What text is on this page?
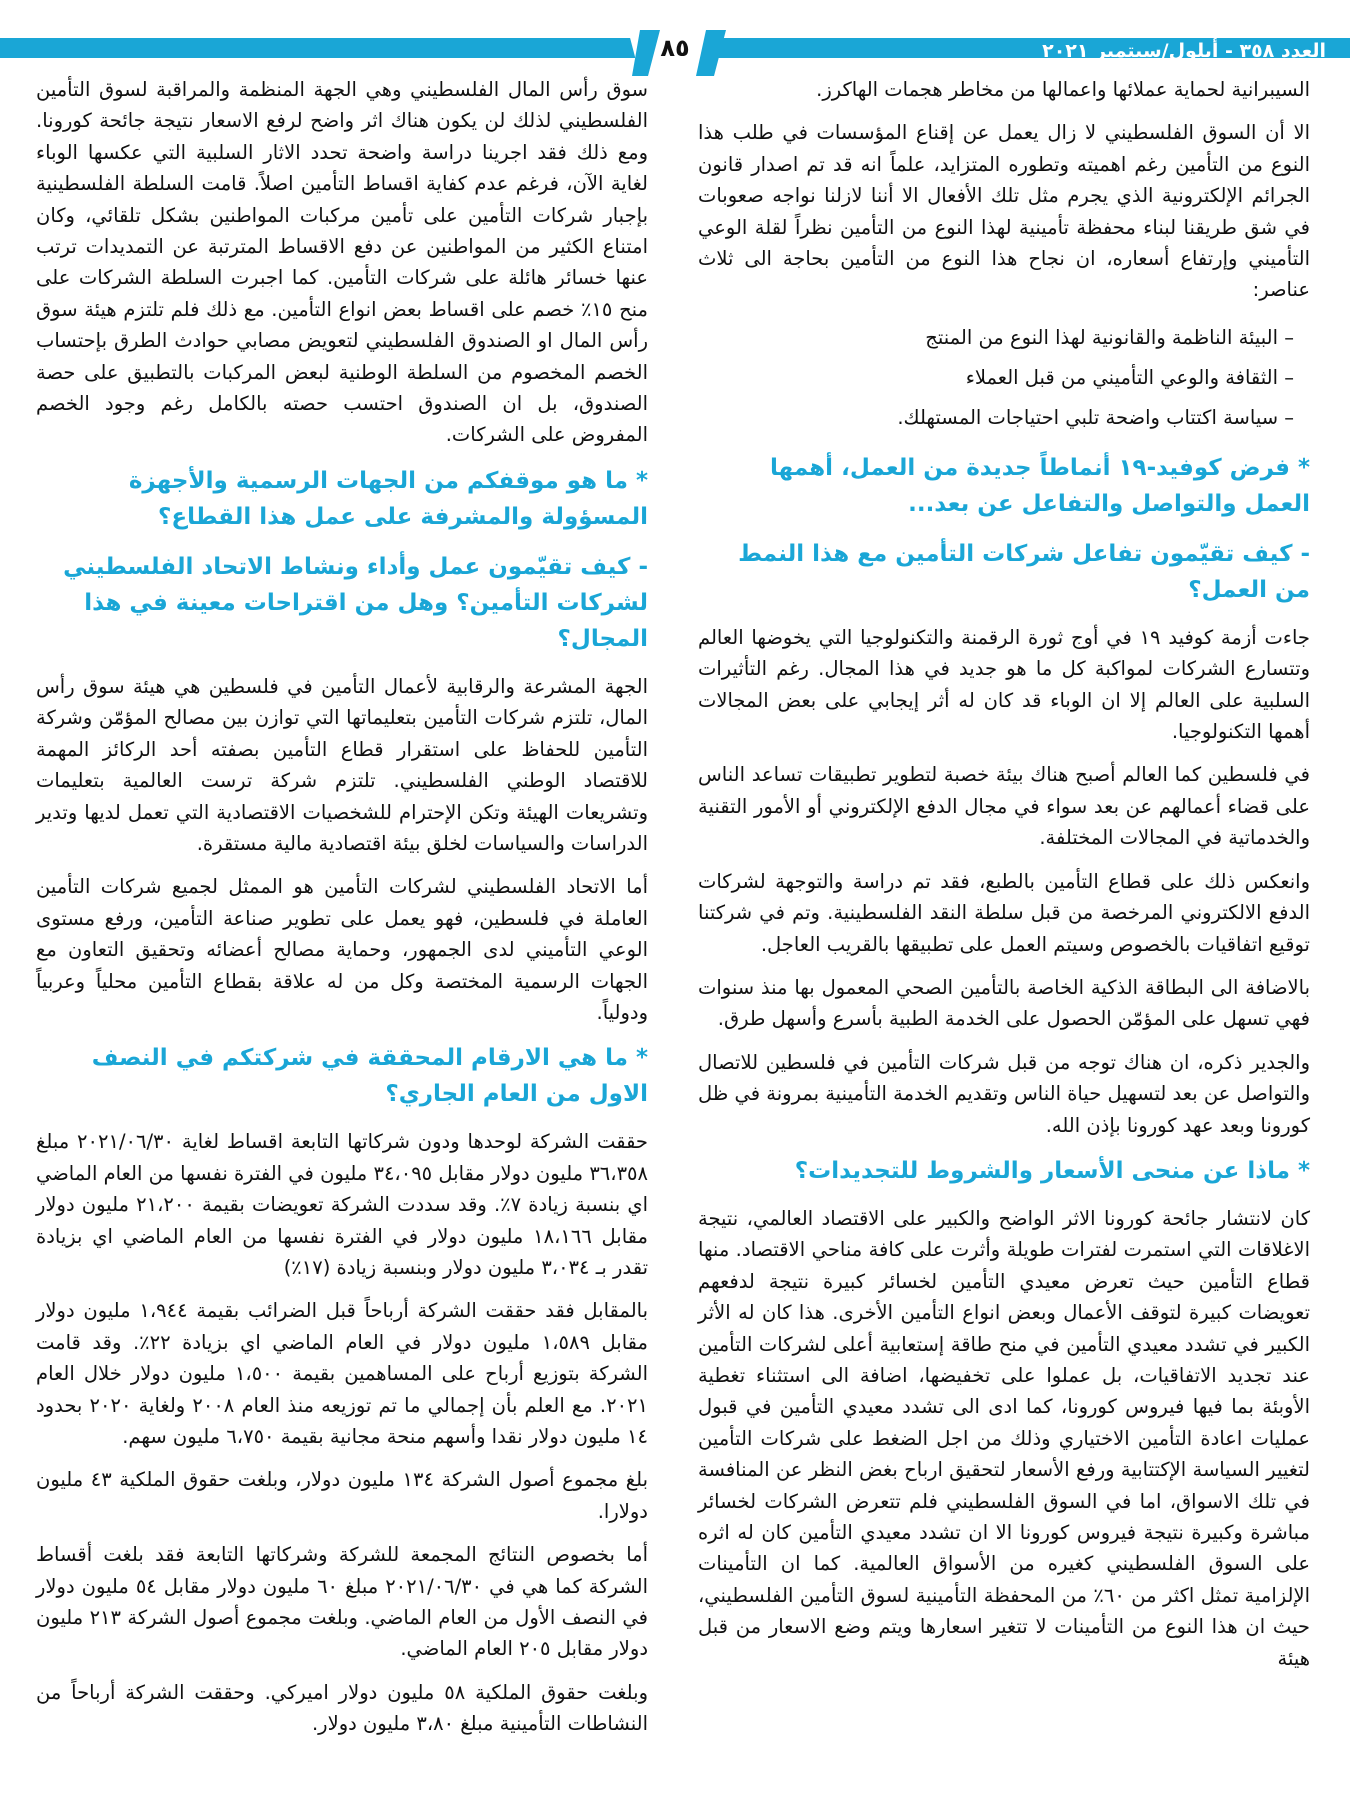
٨٥	العدد ٣٥٨ - أيلول/سبتمبر ٢٠٢١

السيبرانية لحماية عملائها واعمالها من مخاطر هجمات الهاكرز.

الا أن السوق الفلسطيني لا زال يعمل عن إقناع المؤسسات في طلب هذا النوع من التأمين رغم اهميته وتطوره المتزايد، علماً انه قد تم اصدار قانون الجرائم الإلكترونية الذي يجرم مثل تلك الأفعال الا أننا لازلنا نواجه صعوبات في شق طريقنا لبناء محفظة تأمينية لهذا النوع من التأمين نظراً لقلة الوعي التأميني وإرتفاع أسعاره، ان نجاح هذا النوع من التأمين بحاجة الى ثلاث عناصر:

– البيئة الناظمة والقانونية لهذا النوع من المنتج
– الثقافة والوعي التأميني من قبل العملاء
– سياسة اكتتاب واضحة تلبي احتياجات المستهلك.
* فرض كوفيد-١٩ أنماطاً جديدة من العمل، أهمها العمل والتواصل والتفاعل عن بعد...
- كيف تقيّمون تفاعل شركات التأمين مع هذا النمط من العمل؟

جاءت أزمة كوفيد ١٩ في أوج ثورة الرقمنة والتكنولوجيا التي يخوضها العالم وتتسارع الشركات لمواكبة كل ما هو جديد في هذا المجال. رغم التأثيرات السلبية على العالم إلا ان الوباء قد كان له أثر إيجابي على بعض المجالات أهمها التكنولوجيا.

في فلسطين كما العالم أصبح هناك بيئة خصبة لتطوير تطبيقات تساعد الناس على قضاء أعمالهم عن بعد سواء في مجال الدفع الإلكتروني أو الأمور التقنية والخدماتية في المجالات المختلفة.

وانعكس ذلك على قطاع التأمين بالطبع، فقد تم دراسة والتوجهة لشركات الدفع الالكتروني المرخصة من قبل سلطة النقد الفلسطينية. وتم في شركتنا توقيع اتفاقيات بالخصوص وسيتم العمل على تطبيقها بالقريب العاجل.

بالاضافة الى البطاقة الذكية الخاصة بالتأمين الصحي المعمول بها منذ سنوات فهي تسهل على المؤمّن الحصول على الخدمة الطبية بأسرع وأسهل طرق.

والجدير ذكره، ان هناك توجه من قبل شركات التأمين في فلسطين للاتصال والتواصل عن بعد لتسهيل حياة الناس وتقديم الخدمة التأمينية بمرونة في ظل كورونا وبعد عهد كورونا بإذن الله.

* ماذا عن منحى الأسعار والشروط للتجديدات؟

كان لانتشار جائحة كورونا الاثر الواضح والكبير على الاقتصاد العالمي، نتيجة الاغلاقات التي استمرت لفترات طويلة وأثرت على كافة مناحي الاقتصاد. منها قطاع التأمين حيث تعرض معيدي التأمين لخسائر كبيرة نتيجة لدفعهم تعويضات كبيرة لتوقف الأعمال وبعض انواع التأمين الأخرى. هذا كان له الأثر الكبير في تشدد معيدي التأمين في منح طاقة إستعابية أعلى لشركات التأمين عند تجديد الاتفاقيات، بل عملوا على تخفيضها، اضافة الى استثناء تغطية الأوبئة بما فيها فيروس كورونا، كما ادى الى تشدد معيدي التأمين في قبول عمليات اعادة التأمين الاختياري وذلك من اجل الضغط على شركات التأمين لتغيير السياسة الإكتتابية ورفع الأسعار لتحقيق ارباح بغض النظر عن المنافسة في تلك الاسواق، اما في السوق الفلسطيني فلم تتعرض الشركات لخسائر مباشرة وكبيرة نتيجة فيروس كورونا الا ان تشدد معيدي التأمين كان له اثره على السوق الفلسطيني كغيره من الأسواق العالمية. كما ان التأمينات الإلزامية تمثل اكثر من ٦٠٪ من المحفظة التأمينية لسوق التأمين الفلسطيني، حيث ان هذا النوع من التأمينات لا تتغير اسعارها ويتم وضع الاسعار من قبل هيئة

سوق رأس المال الفلسطيني وهي الجهة المنظمة والمراقبة لسوق التأمين الفلسطيني لذلك لن يكون هناك اثر واضح لرفع الاسعار نتيجة جائحة كورونا. ومع ذلك فقد اجرينا دراسة واضحة تحدد الاثار السلبية التي عكسها الوباء لغاية الآن، فرغم عدم كفاية اقساط التأمين اصلاً. قامت السلطة الفلسطينية بإجبار شركات التأمين على تأمين مركبات المواطنين بشكل تلقائي، وكان امتناع الكثير من المواطنين عن دفع الاقساط المترتبة عن التمديدات ترتب عنها خسائر هائلة على شركات التأمين. كما اجبرت السلطة الشركات على منح ١٥٪ خصم على اقساط بعض انواع التأمين. مع ذلك فلم تلتزم هيئة سوق رأس المال او الصندوق الفلسطيني لتعويض مصابي حوادث الطرق بإحتساب الخصم المخصوم من السلطة الوطنية لبعض المركبات بالتطبيق على حصة الصندوق، بل ان الصندوق احتسب حصته بالكامل رغم وجود الخصم المفروض على الشركات.

* ما هو موقفكم من الجهات الرسمية والأجهزة المسؤولة والمشرفة على عمل هذا القطاع؟
- كيف تقيّمون عمل وأداء ونشاط الاتحاد الفلسطيني لشركات التأمين؟ وهل من اقتراحات معينة في هذا المجال؟

الجهة المشرعة والرقابية لأعمال التأمين في فلسطين هي هيئة سوق رأس المال، تلتزم شركات التأمين بتعليماتها التي توازن بين مصالح المؤمّن وشركة التأمين للحفاظ على استقرار قطاع التأمين بصفته أحد الركائز المهمة للاقتصاد الوطني الفلسطيني. تلتزم شركة ترست العالمية بتعليمات وتشريعات الهيئة وتكن الإحترام للشخصيات الاقتصادية التي تعمل لديها وتدير الدراسات والسياسات لخلق بيئة اقتصادية مالية مستقرة.

أما الاتحاد الفلسطيني لشركات التأمين هو الممثل لجميع شركات التأمين العاملة في فلسطين، فهو يعمل على تطوير صناعة التأمين، ورفع مستوى الوعي التأميني لدى الجمهور، وحماية مصالح أعضائه وتحقيق التعاون مع الجهات الرسمية المختصة وكل من له علاقة بقطاع التأمين محلياً وعربياً ودولياً.

* ما هي الارقام المحققة في شركتكم في النصف الاول من العام الجاري؟

حققت الشركة لوحدها ودون شركاتها التابعة اقساط لغاية ٢٠٢١/٠٦/٣٠ مبلغ ٣٦،٣٥٨ مليون دولار مقابل ٣٤،٠٩٥ مليون في الفترة نفسها من العام الماضي اي بنسبة زيادة ٧٪. وقد سددت الشركة تعويضات بقيمة ٢١،٢٠٠ مليون دولار مقابل ١٨،١٦٦ مليون دولار في الفترة نفسها من العام الماضي اي بزيادة تقدر بـ ٣،٠٣٤ مليون دولار وبنسبة زيادة (١٧٪)

بالمقابل فقد حققت الشركة أرباحاً قبل الضرائب بقيمة ١،٩٤٤ مليون دولار مقابل ١،٥٨٩ مليون دولار في العام الماضي اي بزيادة ٢٢٪. وقد قامت الشركة بتوزيع أرباح على المساهمين بقيمة ١،٥٠٠ مليون دولار خلال العام ٢٠٢١. مع العلم بأن إجمالي ما تم توزيعه منذ العام ٢٠٠٨ ولغاية ٢٠٢٠ بحدود ١٤ مليون دولار نقدا وأسهم منحة مجانية بقيمة ٦،٧٥٠ مليون سهم.

بلغ مجموع أصول الشركة ١٣٤ مليون دولار، وبلغت حقوق الملكية ٤٣ مليون دولارا.

أما بخصوص النتائج المجمعة للشركة وشركاتها التابعة فقد بلغت أقساط الشركة كما هي في ٢٠٢١/٠٦/٣٠ مبلغ ٦٠ مليون دولار مقابل ٥٤ مليون دولار في النصف الأول من العام الماضي. وبلغت مجموع أصول الشركة ٢١٣ مليون دولار مقابل ٢٠٥ العام الماضي.

وبلغت حقوق الملكية ٥٨ مليون دولار اميركي. وحققت الشركة أرباحاً من النشاطات التأمينية مبلغ ٣،٨٠ مليون دولار.
